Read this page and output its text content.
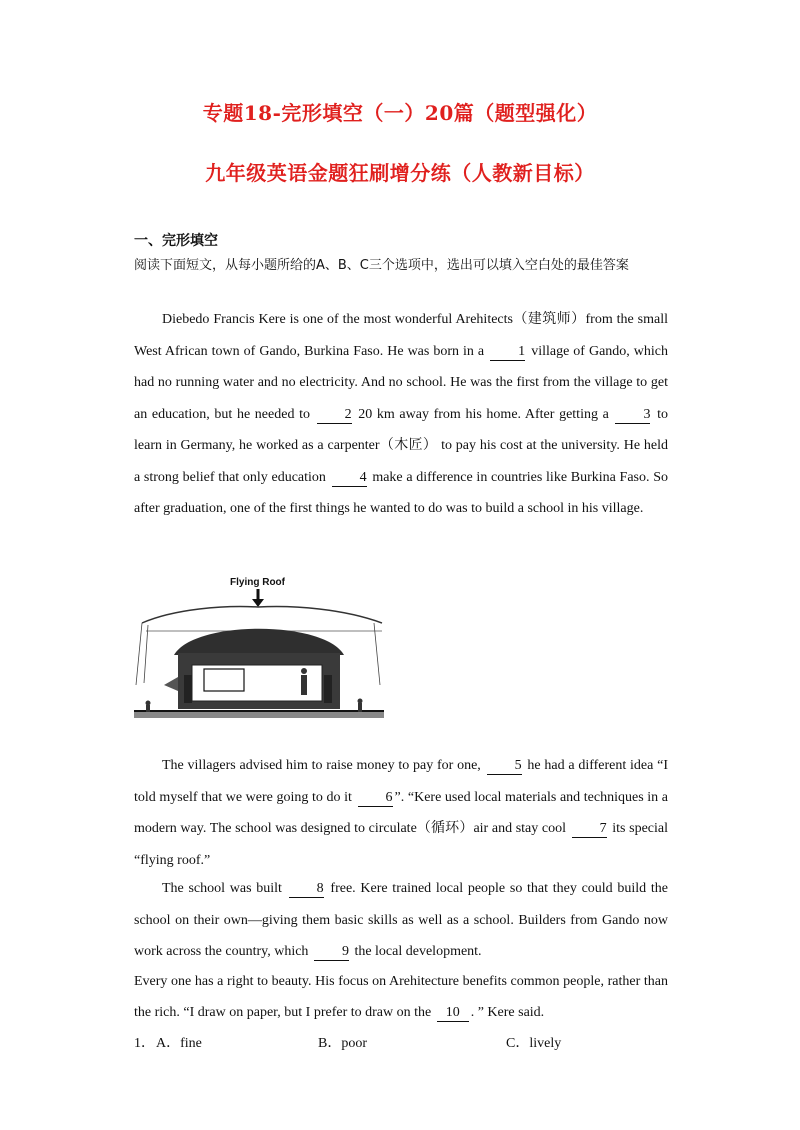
专题18-完形填空（一）20篇（题型强化）
九年级英语金题狂刷增分练（人教新目标）
一、完形填空
阅读下面短文，从每小题所给的A、B、C三个选项中，选出可以填入空白处的最佳答案
Diebedo Francis Kere is one of the most wonderful Arehitects（建筑师）from the small West African town of Gando, Burkina Faso. He was born in a 1 village of Gando, which had no running water and no electricity. And no school. He was the first from the village to get an education, but he needed to 2 20 km away from his home. After getting a 3 to learn in Germany, he worked as a carpenter（木匠） to pay his cost at the university. He held a strong belief that only education 4 make a difference in countries like Burkina Faso. So after graduation, one of the first things he wanted to do was to build a school in his village.
Flying Roof
The villagers advised him to raise money to pay for one, 5 he had a different idea “I told myself that we were going to do it 6 ”. “Kere used local materials and techniques in a modern way. The school was designed to circulate（循环）air and stay cool 7 its special “flying roof.”
The school was built 8 free. Kere trained local people so that they could build the school on their own—giving them basic skills as well as a school. Builders from Gando now work across the country, which 9 the local development.
Every one has a right to beauty. His focus on Arehitecture benefits common people, rather than the rich. “I draw on paper, but I prefer to draw on the 10 . ” Kere said.
1． A．fine	B．poor	C．lively
